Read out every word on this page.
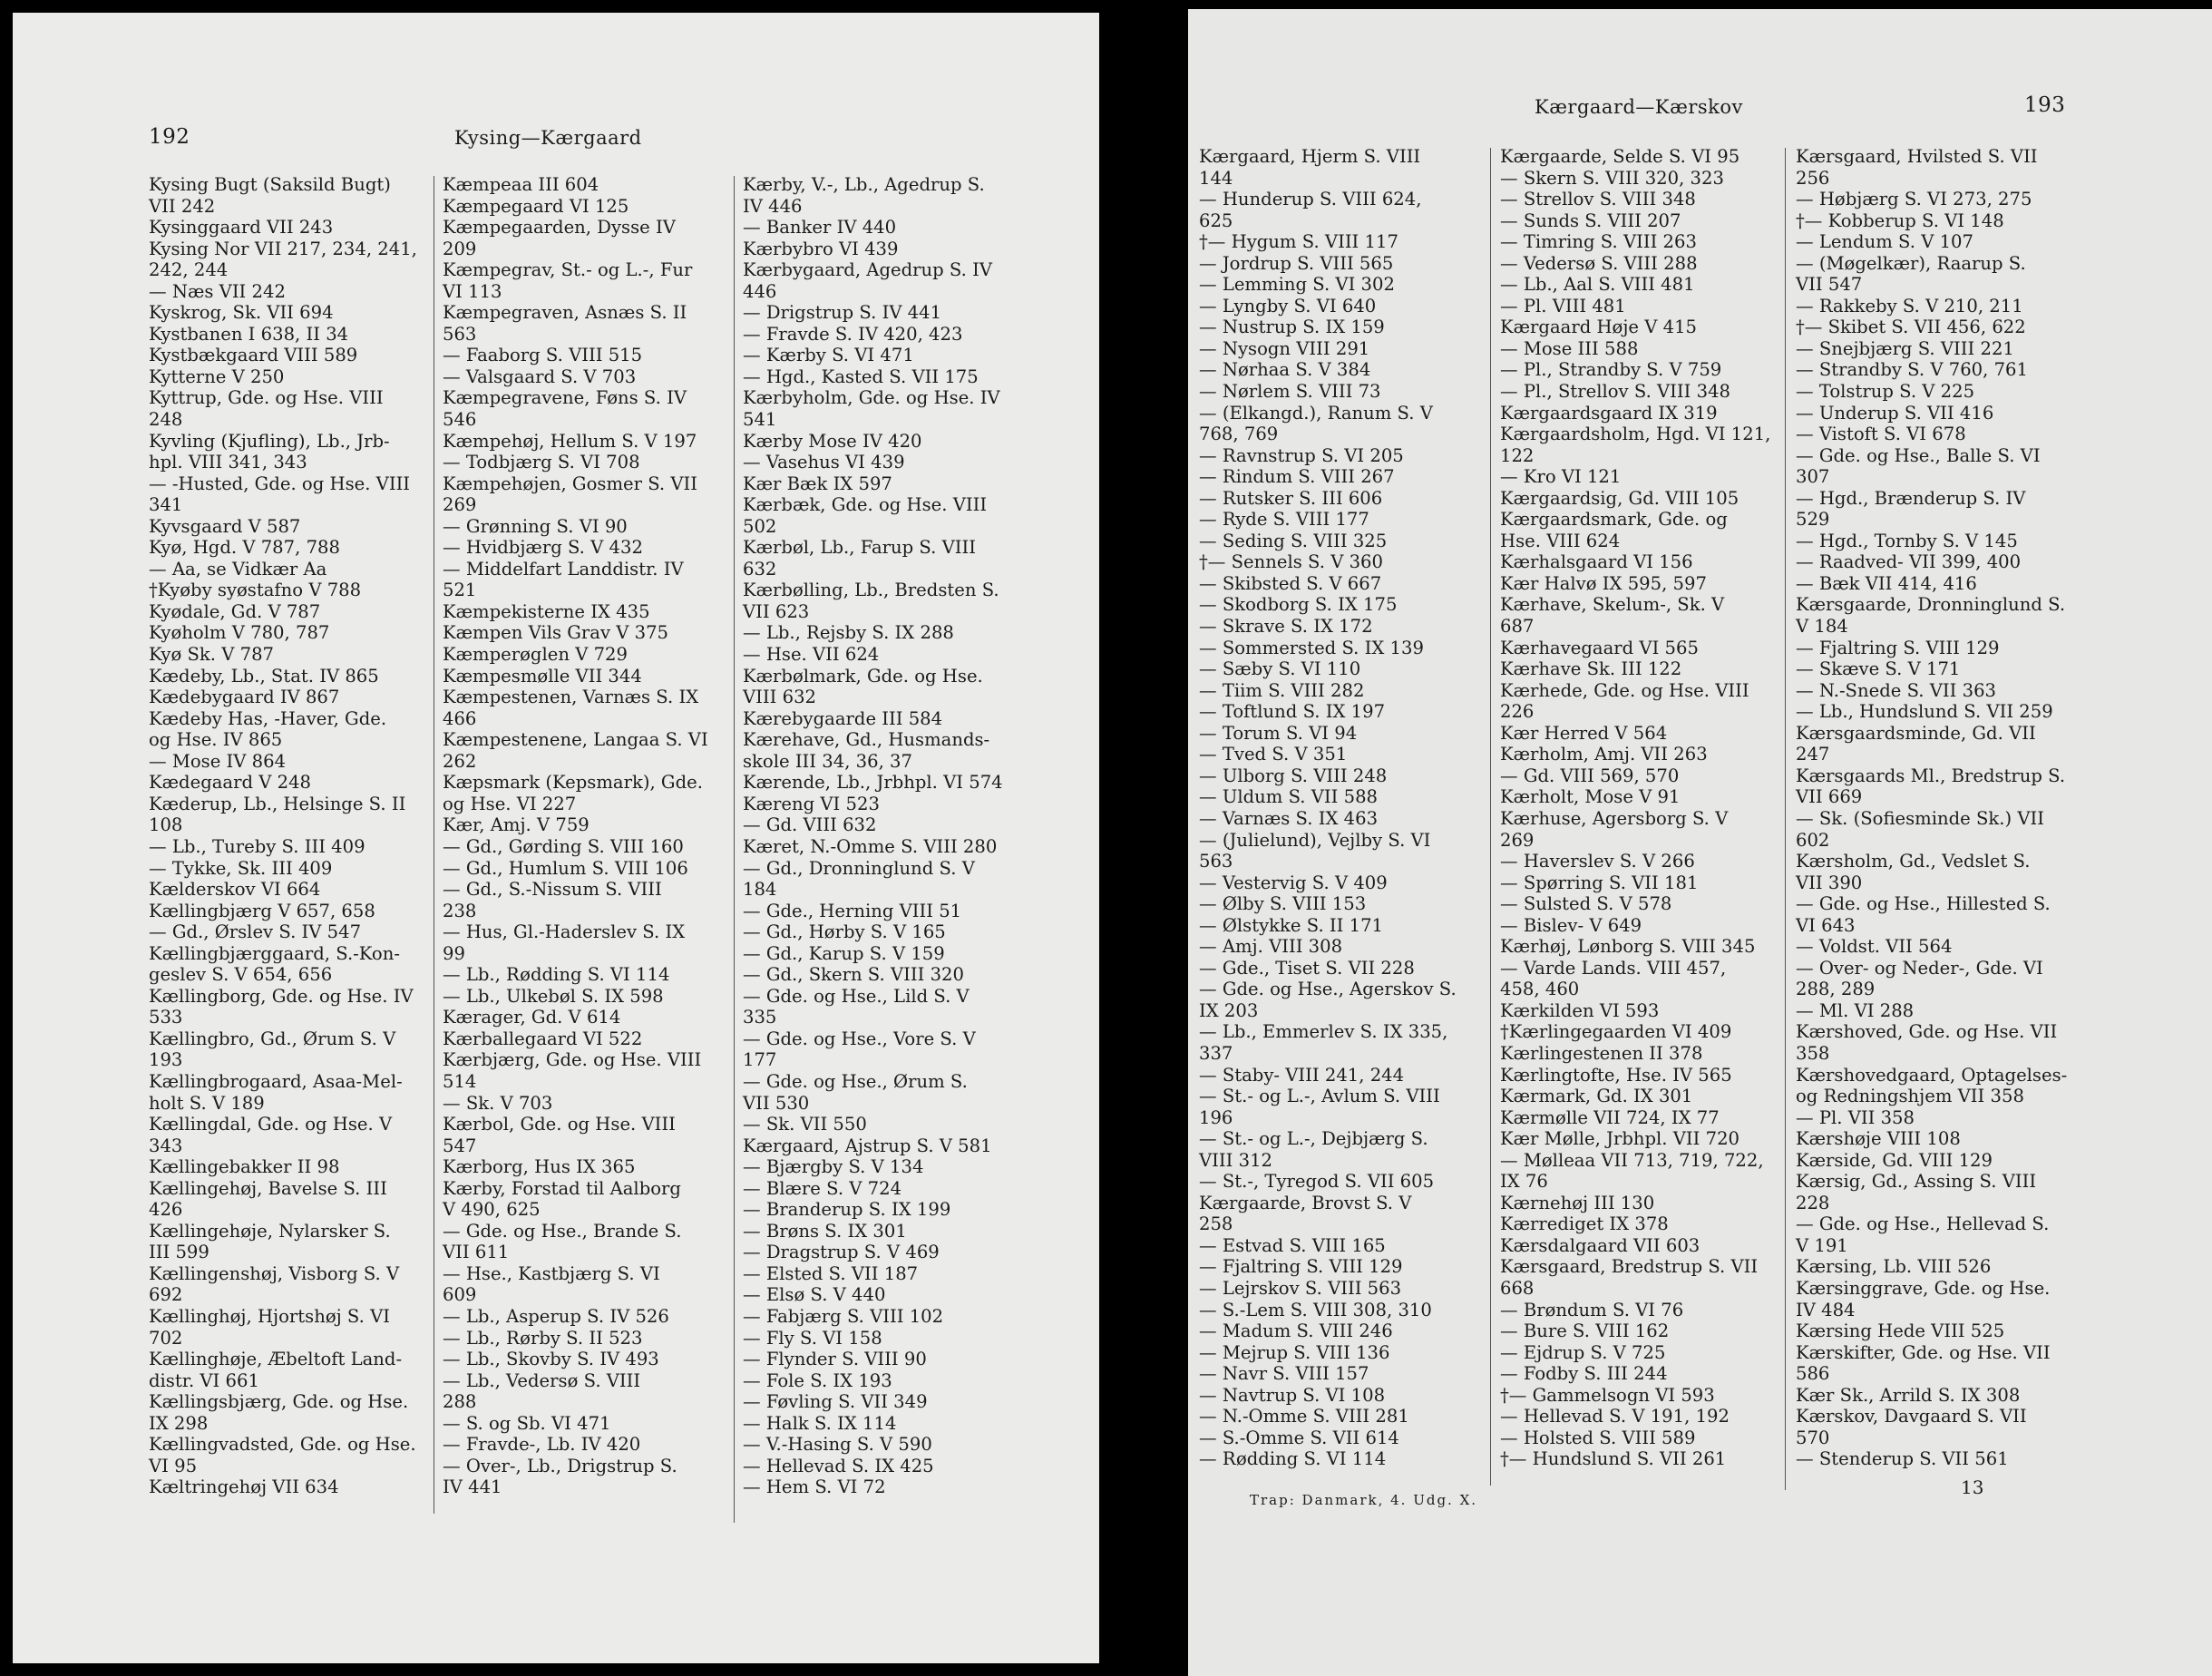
192	Kysing—Kærgaard
Kysing Bugt (Saksild Bugt)
VII 242
Kysinggaard VII 243
Kysing Nor VII 217, 234, 241,
242, 244
— Næs VII 242
Kyskrog, Sk. VII 694
Kystbanen I 638, II 34
Kystbækgaard VIII 589
Kytterne V 250
Kyttrup, Gde. og Hse. VIII
248
Kyvling (Kjufling), Lb., Jrb-
hpl. VIII 341, 343
— -Husted, Gde. og Hse. VIII
341
Kyvsgaard V 587
Kyø, Hgd. V 787, 788
— Aa, se Vidkær Aa
†Kyøby syøstafno V 788
Kyødale, Gd. V 787
Kyøholm V 780, 787
Kyø Sk. V 787
Kædeby, Lb., Stat. IV 865
Kædebygaard IV 867
Kædeby Has, -Haver, Gde.
og Hse. IV 865
— Mose IV 864
Kædegaard V 248
Kæderup, Lb., Helsinge S. II
108
— Lb., Tureby S. III 409
— Tykke, Sk. III 409
Kælderskov VI 664
Kællingbjærg V 657, 658
— Gd., Ørslev S. IV 547
Kællingbjærggaard, S.-Kon-
geslev S. V 654, 656
Kællingborg, Gde. og Hse. IV
533
Kællingbro, Gd., Ørum S. V
193
Kællingbrogaard, Asaa-Mel-
holt S. V 189
Kællingdal, Gde. og Hse. V
343
Kællingebakker II 98
Kællingehøj, Bavelse S. III
426
Kællingehøje, Nylarsker S.
III 599
Kællingenshøj, Visborg S. V
692
Kællinghøj, Hjortshøj S. VI
702
Kællinghøje, Æbeltoft Land-
distr. VI 661
Kællingsbjærg, Gde. og Hse.
IX 298
Kællingvadsted, Gde. og Hse.
VI 95
Kæltringehøj VII 634
Kæmpeaa III 604
Kæmpegaard VI 125
Kæmpegaarden, Dysse IV
209
Kæmpegrav, St.- og L.-, Fur
VI 113
Kæmpegraven, Asnæs S. II
563
— Faaborg S. VIII 515
— Valsgaard S. V 703
Kæmpegravene, Føns S. IV
546
Kæmpehøj, Hellum S. V 197
— Todbjærg S. VI 708
Kæmpehøjen, Gosmer S. VII
269
— Grønning S. VI 90
— Hvidbjærg S. V 432
— Middelfart Landdistr. IV
521
Kæmpekisterne IX 435
Kæmpen Vils Grav V 375
Kæmperøglen V 729
Kæmpesmølle VII 344
Kæmpestenen, Varnæs S. IX
466
Kæmpestenene, Langaa S. VI
262
Kæpsmark (Kepsmark), Gde.
og Hse. VI 227
Kær, Amj. V 759
— Gd., Gørding S. VIII 160
— Gd., Humlum S. VIII 106
— Gd., S.-Nissum S. VIII
238
— Hus, Gl.-Haderslev S. IX
99
— Lb., Rødding S. VI 114
— Lb., Ulkebøl S. IX 598
Kærager, Gd. V 614
Kærballegaard VI 522
Kærbjærg, Gde. og Hse. VIII
514
— Sk. V 703
Kærbol, Gde. og Hse. VIII
547
Kærborg, Hus IX 365
Kærby, Forstad til Aalborg
V 490, 625
— Gde. og Hse., Brande S.
VII 611
— Hse., Kastbjærg S. VI
609
— Lb., Asperup S. IV 526
— Lb., Rørby S. II 523
— Lb., Skovby S. IV 493
— Lb., Vedersø S. VIII
288
— S. og Sb. VI 471
— Fravde-, Lb. IV 420
— Over-, Lb., Drigstrup S.
IV 441
Kærby, V.-, Lb., Agedrup S.
IV 446
— Banker IV 440
Kærbybro VI 439
Kærbygaard, Agedrup S. IV
446
— Drigstrup S. IV 441
— Fravde S. IV 420, 423
— Kærby S. VI 471
— Hgd., Kasted S. VII 175
Kærbyholm, Gde. og Hse. IV
541
Kærby Mose IV 420
— Vasehus VI 439
Kær Bæk IX 597
Kærbæk, Gde. og Hse. VIII
502
Kærbøl, Lb., Farup S. VIII
632
Kærbølling, Lb., Bredsten S.
VII 623
— Lb., Rejsby S. IX 288
— Hse. VII 624
Kærbølmark, Gde. og Hse.
VIII 632
Kærebygaarde III 584
Kærehave, Gd., Husmands-
skole III 34, 36, 37
Kærende, Lb., Jrbhpl. VI 574
Kæreng VI 523
— Gd. VIII 632
Kæret, N.-Omme S. VIII 280
— Gd., Dronninglund S. V
184
— Gde., Herning VIII 51
— Gd., Hørby S. V 165
— Gd., Karup S. V 159
— Gd., Skern S. VIII 320
— Gde. og Hse., Lild S. V
335
— Gde. og Hse., Vore S. V
177
— Gde. og Hse., Ørum S.
VII 530
— Sk. VII 550
Kærgaard, Ajstrup S. V 581
— Bjærgby S. V 134
— Blære S. V 724
— Branderup S. IX 199
— Brøns S. IX 301
— Dragstrup S. V 469
— Elsted S. VII 187
— Elsø S. V 440
— Fabjærg S. VIII 102
— Fly S. VI 158
— Flynder S. VIII 90
— Fole S. IX 193
— Føvling S. VII 349
— Halk S. IX 114
— V.-Hasing S. V 590
— Hellevad S. IX 425
— Hem S. VI 72
Kærgaard—Kærskov	193
Kærgaard, Hjerm S. VIII
144
— Hunderup S. VIII 624,
625
†— Hygum S. VIII 117
— Jordrup S. VIII 565
— Lemming S. VI 302
— Lyngby S. VI 640
— Nustrup S. IX 159
— Nysogn VIII 291
— Nørhaa S. V 384
— Nørlem S. VIII 73
— (Elkangd.), Ranum S. V
768, 769
— Ravnstrup S. VI 205
— Rindum S. VIII 267
— Rutsker S. III 606
— Ryde S. VIII 177
— Seding S. VIII 325
†— Sennels S. V 360
— Skibsted S. V 667
— Skodborg S. IX 175
— Skrave S. IX 172
— Sommersted S. IX 139
— Sæby S. VI 110
— Tiim S. VIII 282
— Toftlund S. IX 197
— Torum S. VI 94
— Tved S. V 351
— Ulborg S. VIII 248
— Uldum S. VII 588
— Varnæs S. IX 463
— (Julielund), Vejlby S. VI
563
— Vestervig S. V 409
— Ølby S. VIII 153
— Ølstykke S. II 171
— Amj. VIII 308
— Gde., Tiset S. VII 228
— Gde. og Hse., Agerskov S.
IX 203
— Lb., Emmerlev S. IX 335,
337
— Staby- VIII 241, 244
— St.- og L.-, Avlum S. VIII
196
— St.- og L.-, Dejbjærg S.
VIII 312
— St.-, Tyregod S. VII 605
Kærgaarde, Brovst S. V
258
— Estvad S. VIII 165
— Fjaltring S. VIII 129
— Lejrskov S. VIII 563
— S.-Lem S. VIII 308, 310
— Madum S. VIII 246
— Mejrup S. VIII 136
— Navr S. VIII 157
— Navtrup S. VI 108
— N.-Omme S. VIII 281
— S.-Omme S. VII 614
— Rødding S. VI 114
Kærgaarde, Selde S. VI 95
— Skern S. VIII 320, 323
— Strellov S. VIII 348
— Sunds S. VIII 207
— Timring S. VIII 263
— Vedersø S. VIII 288
— Lb., Aal S. VIII 481
— Pl. VIII 481
Kærgaard Høje V 415
— Mose III 588
— Pl., Strandby S. V 759
— Pl., Strellov S. VIII 348
Kærgaardsgaard IX 319
Kærgaardsholm, Hgd. VI 121,
122
— Kro VI 121
Kærgaardsig, Gd. VIII 105
Kærgaardsmark, Gde. og
Hse. VIII 624
Kærhalsgaard VI 156
Kær Halvø IX 595, 597
Kærhave, Skelum-, Sk. V
687
Kærhavegaard VI 565
Kærhave Sk. III 122
Kærhede, Gde. og Hse. VIII
226
Kær Herred V 564
Kærholm, Amj. VII 263
— Gd. VIII 569, 570
Kærholt, Mose V 91
Kærhuse, Agersborg S. V
269
— Haverslev S. V 266
— Spørring S. VII 181
— Sulsted S. V 578
— Bislev- V 649
Kærhøj, Lønborg S. VIII 345
— Varde Lands. VIII 457,
458, 460
Kærkilden VI 593
†Kærlingegaarden VI 409
Kærlingestenen II 378
Kærlingtofte, Hse. IV 565
Kærmark, Gd. IX 301
Kærmølle VII 724, IX 77
Kær Mølle, Jrbhpl. VII 720
— Mølleaa VII 713, 719, 722,
IX 76
Kærnehøj III 130
Kærrediget IX 378
Kærsdalgaard VII 603
Kærsgaard, Bredstrup S. VII
668
— Brøndum S. VI 76
— Bure S. VIII 162
— Ejdrup S. V 725
— Fodby S. III 244
†— Gammelsogn VI 593
— Hellevad S. V 191, 192
— Holsted S. VIII 589
†— Hundslund S. VII 261
Kærsgaard, Hvilsted S. VII
256
— Høbjærg S. VI 273, 275
†— Kobberup S. VI 148
— Lendum S. V 107
— (Møgelkær), Raarup S.
VII 547
— Rakkeby S. V 210, 211
†— Skibet S. VII 456, 622
— Snejbjærg S. VIII 221
— Strandby S. V 760, 761
— Tolstrup S. V 225
— Underup S. VII 416
— Vistoft S. VI 678
— Gde. og Hse., Balle S. VI
307
— Hgd., Brænderup S. IV
529
— Hgd., Tornby S. V 145
— Raadved- VII 399, 400
— Bæk VII 414, 416
Kærsgaarde, Dronninglund S.
V 184
— Fjaltring S. VIII 129
— Skæve S. V 171
— N.-Snede S. VII 363
— Lb., Hundslund S. VII 259
Kærsgaardsminde, Gd. VII
247
Kærsgaards Ml., Bredstrup S.
VII 669
— Sk. (Sofiesminde Sk.) VII
602
Kærsholm, Gd., Vedslet S.
VII 390
— Gde. og Hse., Hillested S.
VI 643
— Voldst. VII 564
— Over- og Neder-, Gde. VI
288, 289
— Ml. VI 288
Kærshoved, Gde. og Hse. VII
358
Kærshovedgaard, Optagelses-
og Redningshjem VII 358
— Pl. VII 358
Kærshøje VIII 108
Kærside, Gd. VIII 129
Kærsig, Gd., Assing S. VIII
228
— Gde. og Hse., Hellevad S.
V 191
Kærsing, Lb. VIII 526
Kærsinggrave, Gde. og Hse.
IV 484
Kærsing Hede VIII 525
Kærskifter, Gde. og Hse. VII
586
Kær Sk., Arrild S. IX 308
Kærskov, Davgaard S. VII
570
— Stenderup S. VII 561
Trap: Danmark, 4. Udg. X.
13
